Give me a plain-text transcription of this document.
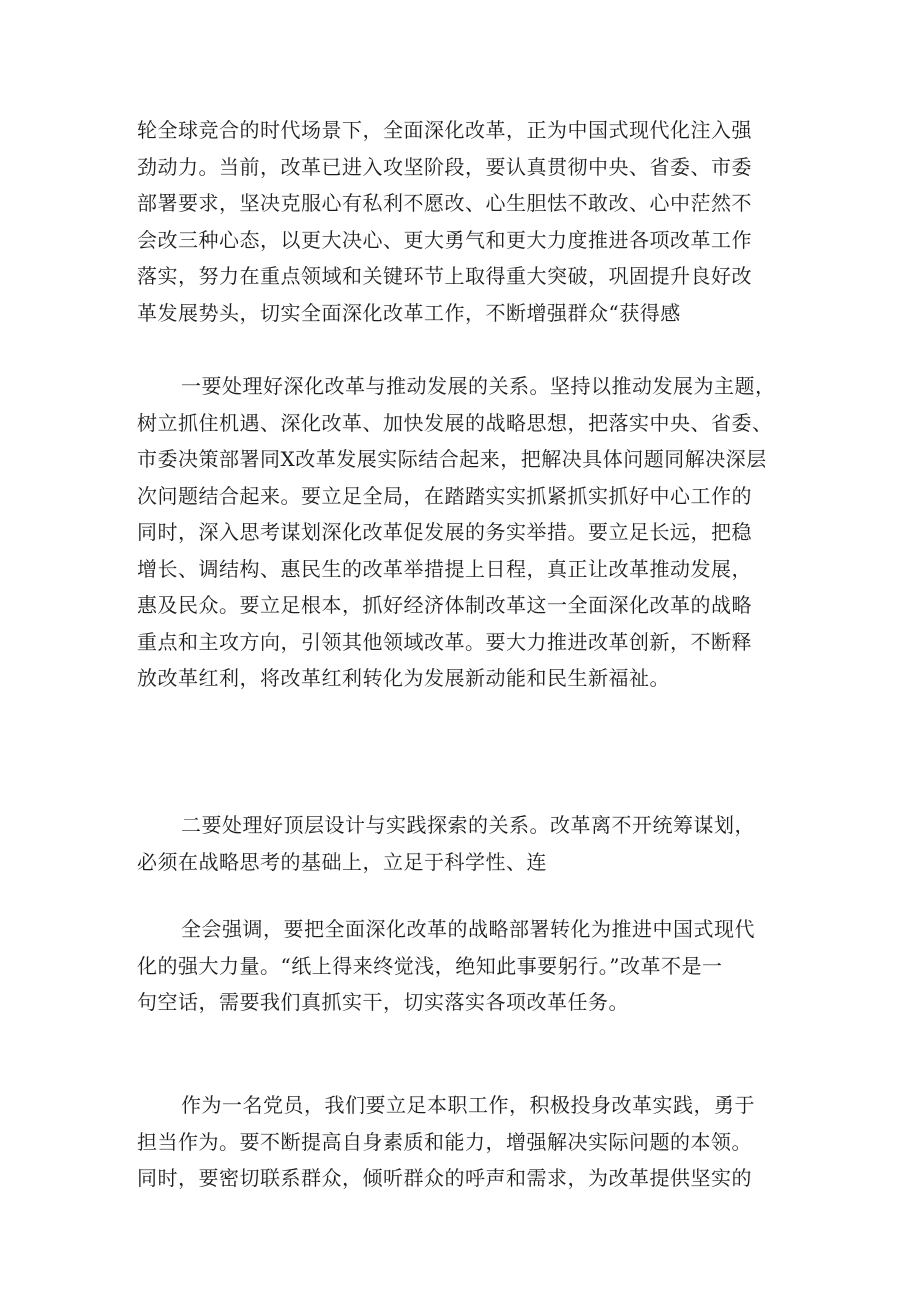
轮全球竞合的时代场景下，全面深化改革，正为中国式现代化注入强
劲动力。当前，改革已进入攻坚阶段，要认真贯彻中央、省委、市委
部署要求，坚决克服心有私利不愿改、心生胆怯不敢改、心中茫然不
会改三种心态，以更大决心、更大勇气和更大力度推进各项改革工作
落实，努力在重点领域和关键环节上取得重大突破，巩固提升良好改
革发展势头，切实全面深化改革工作，不断增强群众“获得感

一要处理好深化改革与推动发展的关系。坚持以推动发展为主题，
树立抓住机遇、深化改革、加快发展的战略思想，把落实中央、省委、
市委决策部署同X改革发展实际结合起来，把解决具体问题同解决深层
次问题结合起来。要立足全局，在踏踏实实抓紧抓实抓好中心工作的
同时，深入思考谋划深化改革促发展的务实举措。要立足长远，把稳
增长、调结构、惠民生的改革举措提上日程，真正让改革推动发展，
惠及民众。要立足根本，抓好经济体制改革这一全面深化改革的战略
重点和主攻方向，引领其他领域改革。要大力推进改革创新，不断释
放改革红利，将改革红利转化为发展新动能和民生新福祉。

二要处理好顶层设计与实践探索的关系。改革离不开统筹谋划，
必须在战略思考的基础上，立足于科学性、连

全会强调，要把全面深化改革的战略部署转化为推进中国式现代
化的强大力量。“纸上得来终觉浅，绝知此事要躬行。”改革不是一
句空话，需要我们真抓实干，切实落实各项改革任务。

作为一名党员，我们要立足本职工作，积极投身改革实践，勇于
担当作为。要不断提高自身素质和能力，增强解决实际问题的本领。
同时，要密切联系群众，倾听群众的呼声和需求，为改革提供坚实的
